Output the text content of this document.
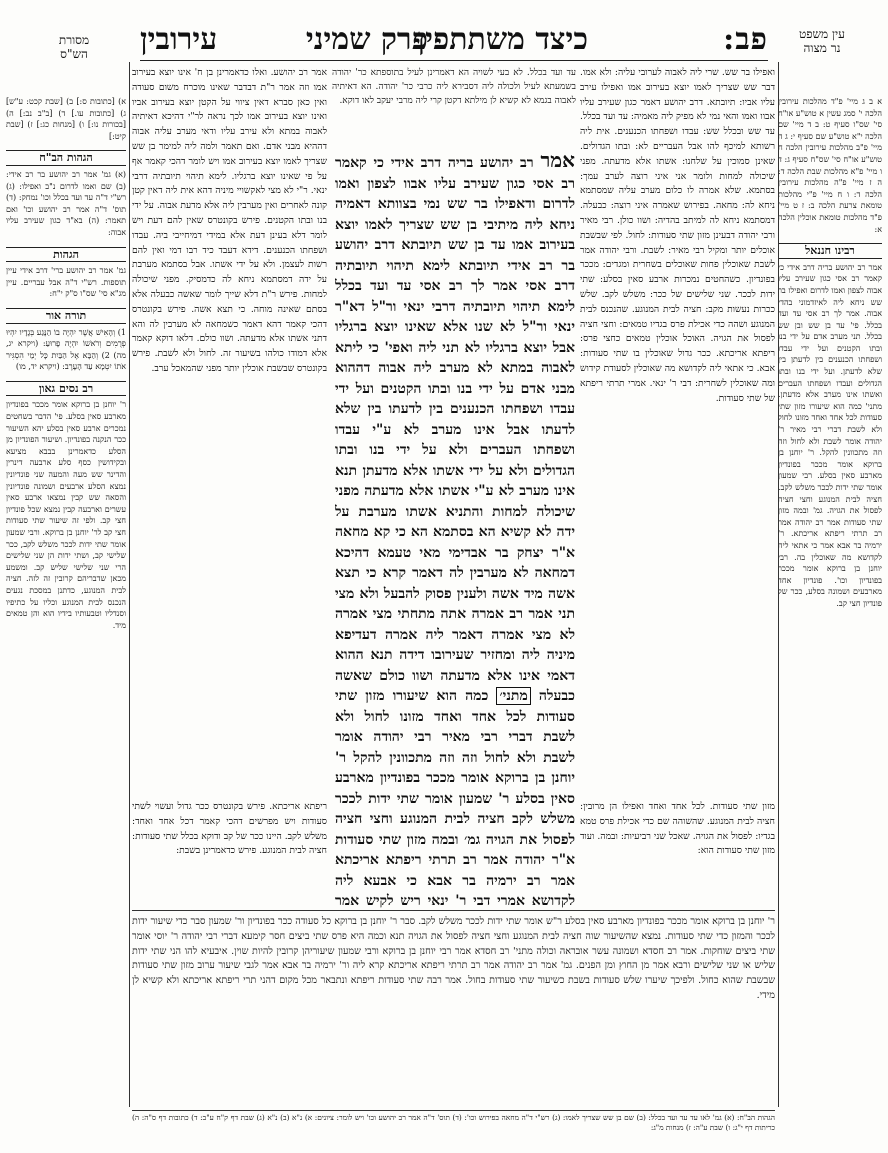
פב:
כיצד משתתפין
פרק שמיני
עירובין
מסורת
הש"ס
עין משפט
נר מצוה
א ב ג מיי' פ"ד מהלכות עירובין הלכה י' סמג עשין א טוש"ע או"ח סי' שס"ו סעיף ט: ב ד מיי' שם הלכה י"א טוש"ע שם סעיף י: ג ה מיי' פ"ב מהלכות עירובין הלכה ח טוש"ע או"ח סי' שס"ח סעיף ג: ד ו מיי' פ"א מהלכות שבת הלכה ד: ה ז מיי' פ"ה מהלכות עירובין הלכה ד: ו ח מיי' פ"י מהלכות טומאת צרעת הלכה ב: ז ט מיי' פ"ד מהלכות טומאת אוכלין הלכה א:
רבינו חננאל
אמר רב יהושע בריה דרב אידי כי קאמר רב אסי כגון שעירב עליו אבוה לצפון ואמו לדרום ואפילו בר שש ניחא ליה לאיזדמוני בהדי אבוה. אמר לך רב אסי עד ועד בכלל. פי' עד בן שש ובן שש בכלל. תני מערב אדם על ידי בנו ובתו הקטנים ועל ידי עבדו ושפחתו הכנענים בין לדעתן בין שלא לדעתן. ועל ידי בנו ובתו הגדולים ועבדו ושפחתו העברים ואשתו אינו מערב אלא מדעתן. מתני' כמה הוא שיעורו מזון שתי סעודות לכל אחד ואחד מזונו לחול ולא לשבת דברי רבי מאיר ר' יהודה אומר לשבת ולא לחול וזה וזה מתכוונין להקל. ר' יוחנן בן ברוקא אומר מככר בפונדיון מארבע סאין בסלע. רבי שמעון אומר שתי ידות לככר משלש לקב. חציה לבית המנוגע וחצי חציה לפסול את הגויה. גמ' ובמה מזון שתי סעודות אמר רב יהודה אמר רב תרתי ריפתא אריכתא. ר' ירמיה בר אבא אמר כי אתאי ליה לקדושא מה שאוכלין בה. רבי יוחנן בן ברוקא אומר מככר בפונדיון וכו'. פונדיון אחד מארבעים ושמונה בסלע, ככר של פונדיון חצי קב.
א) [כתובות ס:] ב) [שבת קכט: ע"ש] ג) [כתובות עו.] ד) [ב"ב נב:] ה) [בכורות נו:] ו) [מנחות כג:] ז) [שבת קיט:]
הגהות הב"ח
(א) גמ' אמר רב יהושע בר רב אידי: (ב) שם ואמו לדרום נ"ב ואפילו: (ג) רש"י ד"ה עד ועד בכלל וכו' נמחק: (ד) תוס' ד"ה אמר רב יהושע וכו' ואם תאמר: (ה) בא"ד כגון שעירב עליו אבוה:
הגהות
גמ' אמר רב יהושע ברי' דרב אידי עיין תוספות. רש"י ד"ה אבל עבריים. עיין מג"א סי' שס"ו ס"ק י"ח:
תורה אור
1) וְהָאִישׁ אֲשֶׁר יִהְיֶה בוֹ הַנָּגַע בְּגָדָיו יִהְיוּ פְרֻמִים וְרֹאשׁוֹ יִהְיֶה פָרוּעַ: (ויקרא יג, מה) 2) וְהַבָּא אֶל הַבַּיִת כָּל יְמֵי הִסְגִּיר אֹתוֹ יִטְמָא עַד הָעָרֶב: (ויקרא יד, מו)
רב נסים גאון
ר' יוחנן בן ברוקא אומר מככר בפונדיון מארבע סאין בסלע. פי' הדבר בשחטים נמכרים ארבע סאין בסלע יהא השיעור ככר הנקנה בפונדיון. ושיעור הפונדיון מן הסלע כדאמרינן בבבא מציעא ובקידושין כסף סלע ארבעה דינרין והדינר שש מעה והמעה שני פונדיונין נמצא הסלע ארבעים ושמונה פונדיונין והסאה שש קבין נמצאו ארבע סאין עשרים וארבעה קבין נמצא שכל פונדיון חצי קב. ולפי זה שיעור שתי סעודות חצי קב לר' יוחנן בן ברוקא. ורבי שמעון אומר שתי ידות לככר משלש לקב, ככר שלישי קב, ושתי ידות הן שני שלישים הרי שני שלישי שליש קב. ומשמע מכאן שדבריהם קרובין זה לזה. חציה לבית המנוגע, כדתנן במסכת נגעים הנכנס לבית המנוגע וכליו על כתיפיו וסנדליו וטבעותיו בידיו הוא והן טמאים מיד.

ואפילו בר שש. שרי ליה לאבוה לערובי עליה: ולא אמו. דבר שש שצריך לאמו יוצא בעירוב אמו ואפילו עירב עליו אביו: תיובתא. דרב יהושע דאמר כגון שעירב עליו אבוו ואמו והאי נמי לא מפיק ליה מאמיה: עד ועד בכלל. עד שש ובכלל שש: עבדו ושפחתו הכנענים. אית ליה רשותא למיכף להו אבל העבריים לא: ובתו הגדולים. שאינן סמוכין על שלחנו: אשתו אלא מדעתה. מפני שיכולה למחות ולומר אני איני רוצה לערב עמך: בסתמא. שלא אמרה לו כלום מערב עליה שמסתמא ניחא לה: מחאה. בפירוש שאמרה איני רוצה: כבעלה. דמסתמא ניחא לה למיתב בהדיה: ושוו כולן. רבי מאיר ורבי יהודה דבעינן מזון שתי סעודות: לחול. לפי שבשבת אוכלים יותר ומקיל רבי מאיר: לשבת. ורבי יהודה אמר לשבת שאוכלין פחות שאוכלים בשחרית ומגדים: מככר בפונדיון. כשהחטים נמכרות ארבע סאין בסלע: שתי ידות לככר. שני שלישים של ככר: משלש לקב. שלש ככרות נעשות מקב: חציה לבית המנוגע. שהנכנס לבית המנוגע ושהה כדי אכילת פרס בגדיו טמאים: וחצי חציה לפסול את הגויה. האוכל אוכלין טמאים כחצי פרס: ריפתא אריכתא. ככר גדול שאוכלין בו שתי סעודות: אבא. כי אתאי ליה לקדושא מה שאוכלין לסעודת קידוש ומה שאוכלין לשחרית: דבי ר' ינאי. אמרי תרתי ריפתא של שתי סעודות.

אמר רב יהושע. ואלו כדאמרינן בן ח' אינו יוצא בעירוב אמו וזה אמר ר"ת דבדבר שאינו מוכרח משום סעודה ואין כאן סברא דאין ציווי על הקטן יוצא בעירוב אביו ואינו יוצא בעירוב אמו לכך נראה לר"י דהיכא דאיתיה לאבוה במתא ולא עירב עליו ודאי מערב עליה אבוה דההיא מבני אדם. ואם תאמר ולמה ליה למימר בן שש שצריך לאמו יוצא בעירוב אמו ויש לומר דהכי קאמר אף על פי שאינו יוצא ברגליו. לימא תיהוי תיובתיה דרבי ינאי. ר"י לא מצי לאקשויי מיניה דהא אית ליה דאין קטן קונה לאחרים ואין מערבין ליה אלא מדעת אבוה. על ידי בנו ובתו הקטנים. פירש בקונטרס שאין להם דעת ויש לומר דלא בעינן דעת אלא במידי דמיחייבי ביה. עבדו ושפחתו הכנענים. דידא דעבד כיד רבו דמי ואין להם רשות לעצמן. ולא על ידי אשתו. אבל בסתמא מערבת על ידה דמסתמא ניחא לה כדמסיק. מפני שיכולה למחות. פירש ר"ת דלא שייך לומר שאשה כבעלה אלא בסתם שאינה מוחה. כי תצא אשה. פירש בקונטרס דהכי קאמר דהא דאמר כשמחאה לא מערבין לה והא דתני אשתו אלא מדעתה. ושוו כולם. דלאו דוקא קאמר אלא דמודו כולהו בשיעור זה. לחול ולא לשבת. פירש בקונטרס שבשבת אוכלין יותר מפני שהמאכל ערב.

עד ועד בכלל. לא בעי לשויה הא דאמרינן לעיל בתוספתא כר' יהודה בשמעתא לעיל ולכולה ליה דסבירא ליה כרבי כר' יהודה. הא דאיתיה לאבוה בגמא לא קשיא לן מילתא דקטן קרי ליה מרבי יעקב לאו דוקא.

אמר רב יהושע בריה דרב אידי כי קאמר רב אסי כגון שעירב עליו אבוו לצפון ואמו לדרום ודאפילו בר שש נמי בצוותא דאמיה ניחא ליה מיתיבי בן שש שצריך לאמו יוצא בעירוב אמו עד בן שש תיובתא דרב יהושע בר רב אידי תיובתא לימא תיהוי תיובתיה דרב אסי אמר לך רב אסי עד ועד בכלל לימא תיהוי תיובתיה דרבי ינאי ור"ל דא"ר ינאי ור"ל לא שנו אלא שאינו יוצא ברגליו אבל יוצא ברגליו לא תני ליה ואפי' כי ליתא לאבוה במתא לא מערב ליה אבוה דההוא מבני אדם על ידי בנו ובתו הקטנים ועל ידי עבדו ושפחתו הכנענים בין לדעתו בין שלא לדעתו אבל אינו מערב לא ע"י עבדו ושפחתו העברים ולא על ידי בנו ובתו הגדולים ולא על ידי אשתו אלא מדעתן תנא אינו מערב לא ע"י אשתו אלא מדעתה מפני שיכולה למחות והתניא אשתו מערבת על ידה לא קשיא הא בסתמא הא כי קא מחאה א"ר יצחק בר אבדימי מאי טעמא דהיכא דמחאה לא מערבין לה דאמר קרא כי תצא אשה מיד אשה ולענין פסוק להבעל ולא מצי תני אמר רב אמרה אתה מתחתי מצי אמרה לא מצי אמרה דאמר ליה אמרה דעדיפא מיניה ליה ומחזיר שעירובו דידה תנא ההוא דאמי אינו אלא מדעתה ושוו כולם שאשה כבעלה מתני׳ כמה הוא שיעורו מזון שתי סעודות לכל אחד ואחד מזונו לחול ולא לשבת דברי רבי מאיר רבי יהודה אומר לשבת ולא לחול וזה וזה מתכוונין להקל ר' יוחנן בן ברוקא אומר מככר בפונדיון מארבע סאין בסלע ר' שמעון אומר שתי ידות לככר משלש לקב חציה לבית המנוגע וחצי חציה לפסול את הגויה גמ׳ ובמה מזון שתי סעודות א"ר יהודה אמר רב תרתי ריפתא אריכתא אמר רב ירמיה בר אבא כי אבעא ליה לקדושא אמרי דבי ר' ינאי ריש לקיש אמר

מזון שתי סעודות. לכל אחד ואחד ואפילו הן מרובין: חציה לבית המנוגע. שהשוהה שם כדי אכילת פרס טמא בגדיו: לפסול את הגויה. שאכל שני רביעיות: ובמה. ועוד מזון שתי סעודות הוא:

ריפתא אריכתא. פירש בקונטרס ככר גדול ועשוי לשתי סעודות ויש מפרשים דהכי קאמר דכל אחד ואחד: משלש לקב. היינו ככר של קב ודוקא בכלל שתי סעודות: חציה לבית המנוגע. פירש כדאמרינן בשבת:

ר' יוחנן בן ברוקא אומר מככר בפונדיון מארבע סאין בסלע ר"ש אומר שתי ידות לככר משלש לקב. סבר ר' יוחנן בן ברוקא כל סעודה ככר בפונדיון ור' שמעון סבר כדי שיעור ידות לככר והמזון כדי שתי סעודות. נמצא שהשיעור שוה חציה לבית המנוגע וחצי חציה לפסול את הגויה תנא וכמה היא פרס שתי ביצים חסר קימעא דברי רבי יהודה ר' יוסי אומר שתי ביצים שוחקות. אמר רב חסדא ושמונה עשר אובראה וכולה מתני' רב חסדא אמר רבי יוחנן בן ברוקא ורבי שמעון שיעוריהן קרובין להיות שוין. איבעיא להו הני שתי ידות שליש או שני שלישים ורבא אמר מן החוץ ומן הפנים. גמ' אמר רב יהודה אמר רב תרתי ריפתא אריכתא קרא ליה ור' ירמיה בר אבא אמר לגבי שיעור ערוב מזון שתי סעודות שבשבת שהוא כחול. ולפיכך שיערו שלש סעודות בשבת כשיעור שתי סעודות בחול. אמר רבה שתי סעודות ריפתא ונתבאר מכל מקום דהני תרי ריפתא אריכתא ולא קשיא לן מידי.

הגהות הב"ח: (א) גמ' לאו עד עד ועד בכלל: (ב) שם בן שש שצריך לאמו: (ג) רש"י ד"ה מחאה בפירוש וכו': (ד) תוס' ד"ה אמר רב יהושע וכו' ויש לומר: ציונים: א) נ"א (ב) נ"א (ג) שבת דף ק"ח ע"ב: ד) כתובות דף ס"ה: ה) כריתות דף י"ג: ו) שבת ע"ה: ז) מנחות מ"ג:
